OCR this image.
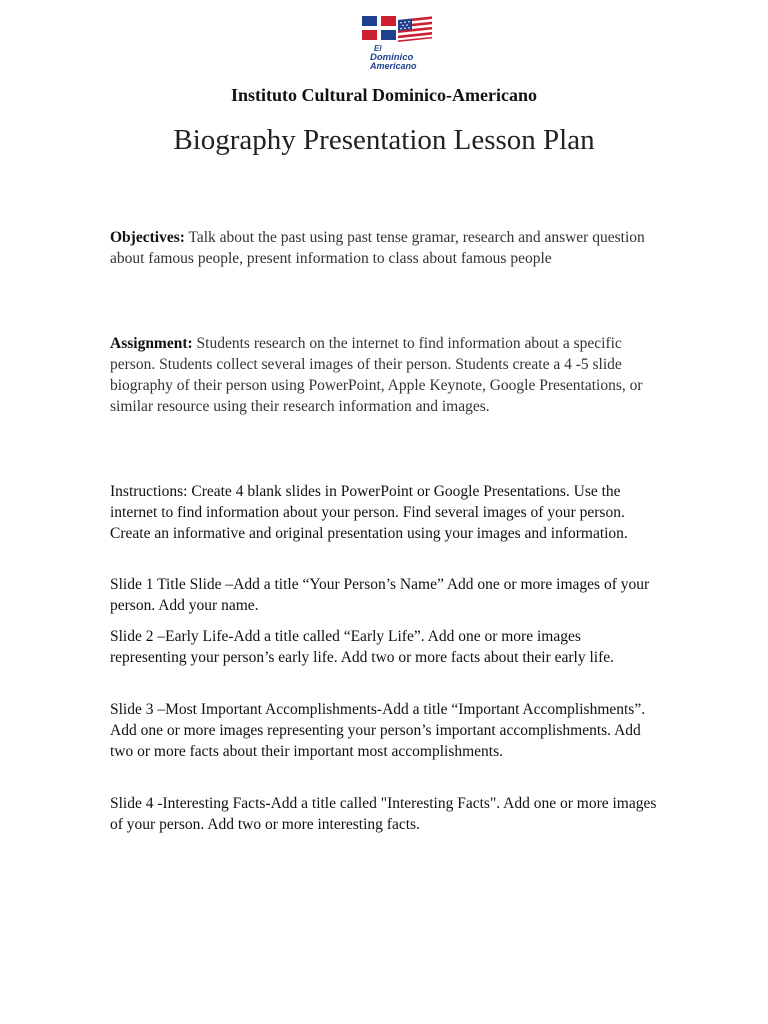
El
Dominico
Americano
Instituto Cultural Dominico-Americano
Biography Presentation Lesson Plan

Objectives: Talk about the past using past tense gramar, research and answer question about famous people, present information to class about famous people

Assignment: Students research on the internet to find information about a specific person. Students collect several images of their person. Students create a 4 -5 slide biography of their person using PowerPoint, Apple Keynote, Google Presentations, or similar resource using their research information and images.

Instructions: Create 4 blank slides in PowerPoint or Google Presentations. Use the internet to find information about your person. Find several images of your person. Create an informative and original presentation using your images and information.

Slide 1 Title Slide –Add a title “Your Person’s Name” Add one or more images of your person. Add your name.

Slide 2 –Early Life-Add a title called “Early Life”. Add one or more images representing your person’s early life. Add two or more facts about their early life.

Slide 3 –Most Important Accomplishments-Add a title “Important Accomplishments”. Add one or more images representing your person’s important accomplishments. Add two or more facts about their important most accomplishments.

Slide 4 -Interesting Facts-Add a title called "Interesting Facts". Add one or more images of your person. Add two or more interesting facts.
